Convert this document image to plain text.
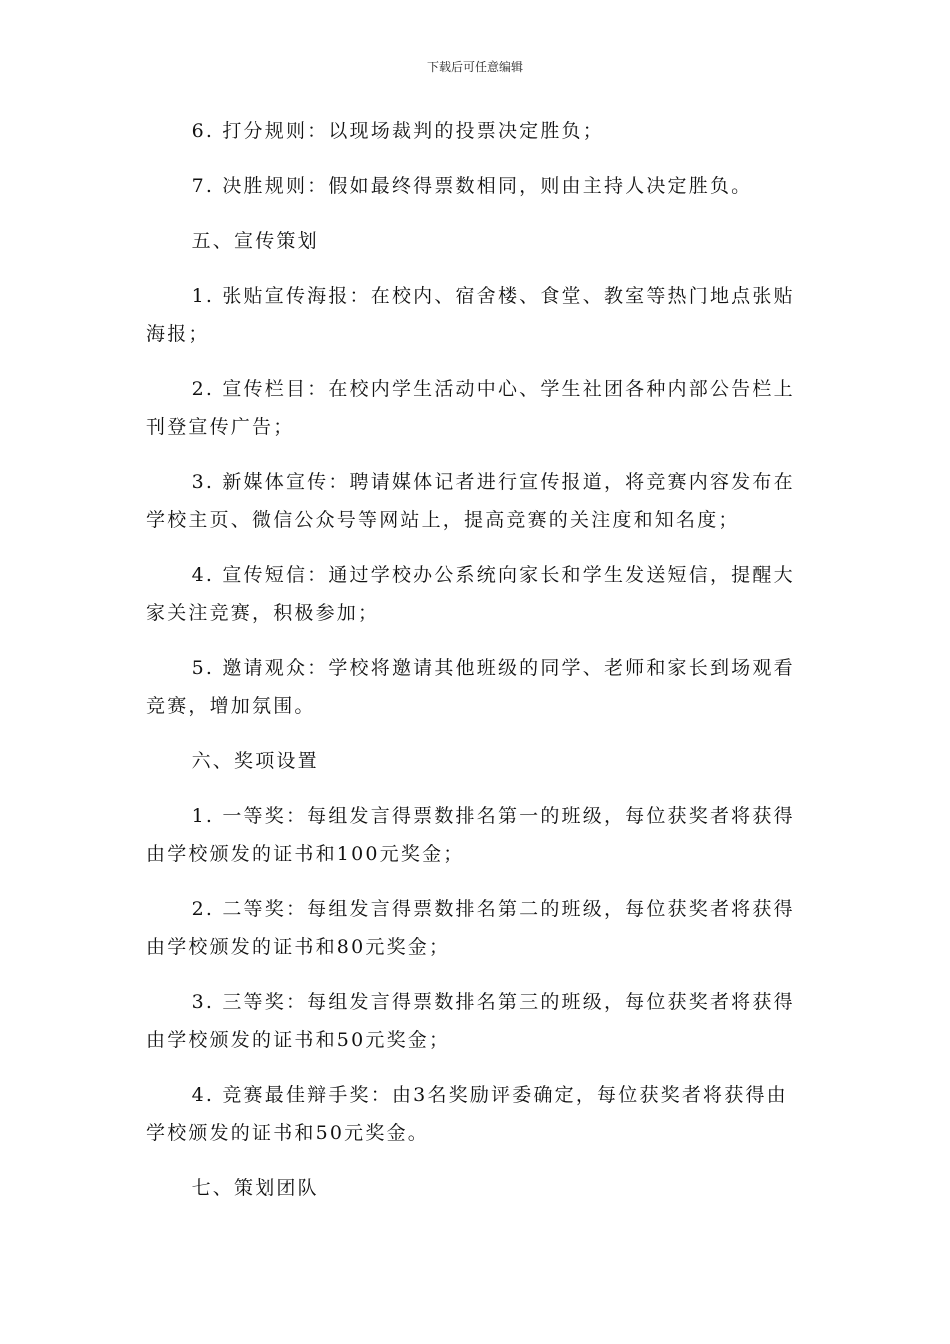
下载后可任意编辑

6. 打分规则：以现场裁判的投票决定胜负；

7. 决胜规则：假如最终得票数相同，则由主持人决定胜负。

五、宣传策划

1. 张贴宣传海报：在校内、宿舍楼、食堂、教室等热门地点张贴海报；

2. 宣传栏目：在校内学生活动中心、学生社团各种内部公告栏上刊登宣传广告；

3. 新媒体宣传：聘请媒体记者进行宣传报道，将竞赛内容发布在学校主页、微信公众号等网站上，提高竞赛的关注度和知名度；

4. 宣传短信：通过学校办公系统向家长和学生发送短信，提醒大家关注竞赛，积极参加；

5. 邀请观众：学校将邀请其他班级的同学、老师和家长到场观看竞赛，增加氛围。

六、奖项设置

1. 一等奖：每组发言得票数排名第一的班级，每位获奖者将获得由学校颁发的证书和100元奖金；

2. 二等奖：每组发言得票数排名第二的班级，每位获奖者将获得由学校颁发的证书和80元奖金；

3. 三等奖：每组发言得票数排名第三的班级，每位获奖者将获得由学校颁发的证书和50元奖金；

4. 竞赛最佳辩手奖：由3名奖励评委确定，每位获奖者将获得由学校颁发的证书和50元奖金。

七、策划团队
